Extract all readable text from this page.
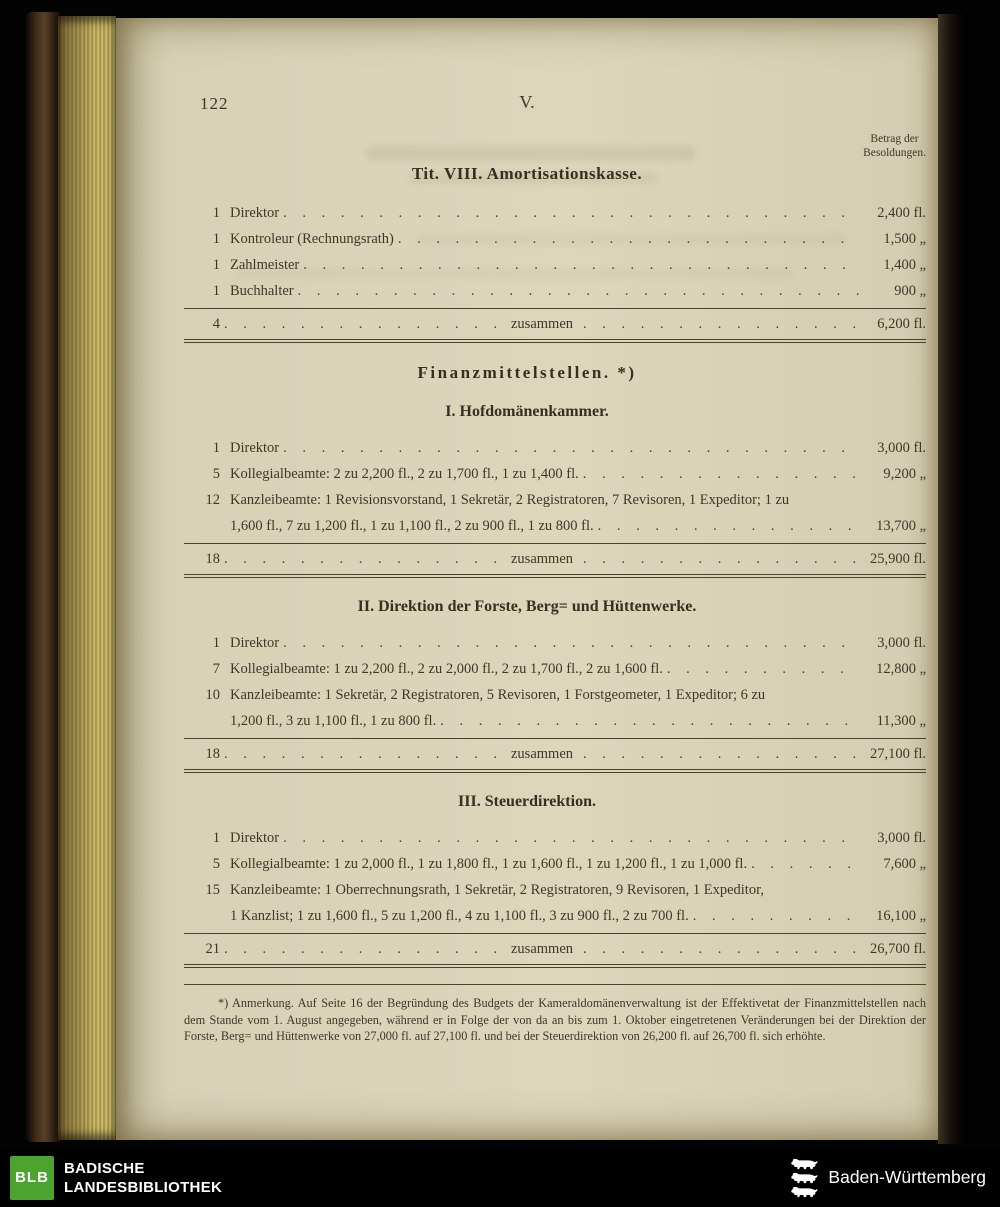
122	V.
Betrag der
Besoldungen.
Tit. VIII. Amortisationskasse.
1 Direktor . . .	2,400 fl.
1 Kontroleur (Rechnungsrath) . . .	1,500 „
1 Zahlmeister . . .	1,400 „
1 Buchhalter . . .	900 „
4 . . .	zusammen . . .	6,200 fl.
Finanzmittelstellen. *)
I. Hofdomänenkammer.
1 Direktor . . .	3,000 fl.
5 Kollegialbeamte: 2 zu 2,200 fl., 2 zu 1,700 fl., 1 zu 1,400 fl. . . .	9,200 „
12 Kanzleibeamte: 1 Revisionsvorstand, 1 Sekretär, 2 Registratoren, 7 Revisoren, 1 Expeditor; 1 zu
1,600 fl., 7 zu 1,200 fl., 1 zu 1,100 fl., 2 zu 900 fl., 1 zu 800 fl. . . .	13,700 „
18 . . .	zusammen . . .	25,900 fl.
II. Direktion der Forste, Berg= und Hüttenwerke.
1 Direktor . . .	3,000 fl.
7 Kollegialbeamte: 1 zu 2,200 fl., 2 zu 2,000 fl., 2 zu 1,700 fl., 2 zu 1,600 fl. . . .	12,800 „
10 Kanzleibeamte: 1 Sekretär, 2 Registratoren, 5 Revisoren, 1 Forstgeometer, 1 Expeditor; 6 zu
1,200 fl., 3 zu 1,100 fl., 1 zu 800 fl. . . .	11,300 „
18 . . .	zusammen . . .	27,100 fl.
III. Steuerdirektion.
1 Direktor . . .	3,000 fl.
5 Kollegialbeamte: 1 zu 2,000 fl., 1 zu 1,800 fl., 1 zu 1,600 fl., 1 zu 1,200 fl., 1 zu 1,000 fl. . . .	7,600 „
15 Kanzleibeamte: 1 Oberrechnungsrath, 1 Sekretär, 2 Registratoren, 9 Revisoren, 1 Expeditor,
1 Kanzlist; 1 zu 1,600 fl., 5 zu 1,200 fl., 4 zu 1,100 fl., 3 zu 900 fl., 2 zu 700 fl. . . .	16,100 „
21 . . .	zusammen . . .	26,700 fl.
*) Anmerkung. Auf Seite 16 der Begründung des Budgets der Kameraldomänenverwaltung ist der Effektivetat der Finanzmittelstellen nach dem Stande vom 1. August angegeben, während er in Folge der von da an bis zum 1. Oktober eingetretenen Veränderungen bei der Direktion der Forste, Berg= und Hüttenwerke von 27,000 fl. auf 27,100 fl. und bei der Steuerdirektion von 26,200 fl. auf 26,700 fl. sich erhöhte.
BLB
BADISCHE
LANDESBIBLIOTHEK	Baden-Württemberg
